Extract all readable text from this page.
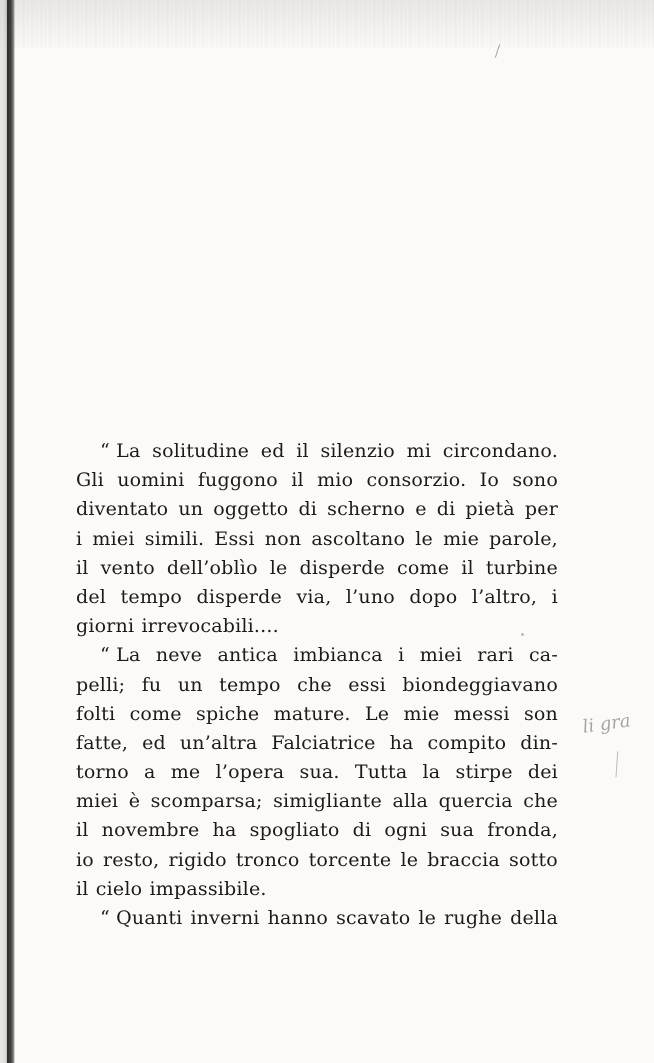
“ La solitudine ed il silenzio mi circondano.
Gli uomini fuggono il mio consorzio. Io sono
diventato un oggetto di scherno e di pietà per
i miei simili. Essi non ascoltano le mie parole,
il vento dell’oblìo le disperde come il turbine
del tempo disperde via, l’uno dopo l’altro, i
giorni irrevocabili....
“ La neve antica imbianca i miei rari ca-
pelli; fu un tempo che essi biondeggiavano
folti come spiche mature. Le mie messi son
fatte, ed un’altra Falciatrice ha compito din-
torno a me l’opera sua. Tutta la stirpe dei
miei è scomparsa; simigliante alla quercia che
il novembre ha spogliato di ogni sua fronda,
io resto, rigido tronco torcente le braccia sotto
il cielo impassibile.
“ Quanti inverni hanno scavato le rughe della
li gra
